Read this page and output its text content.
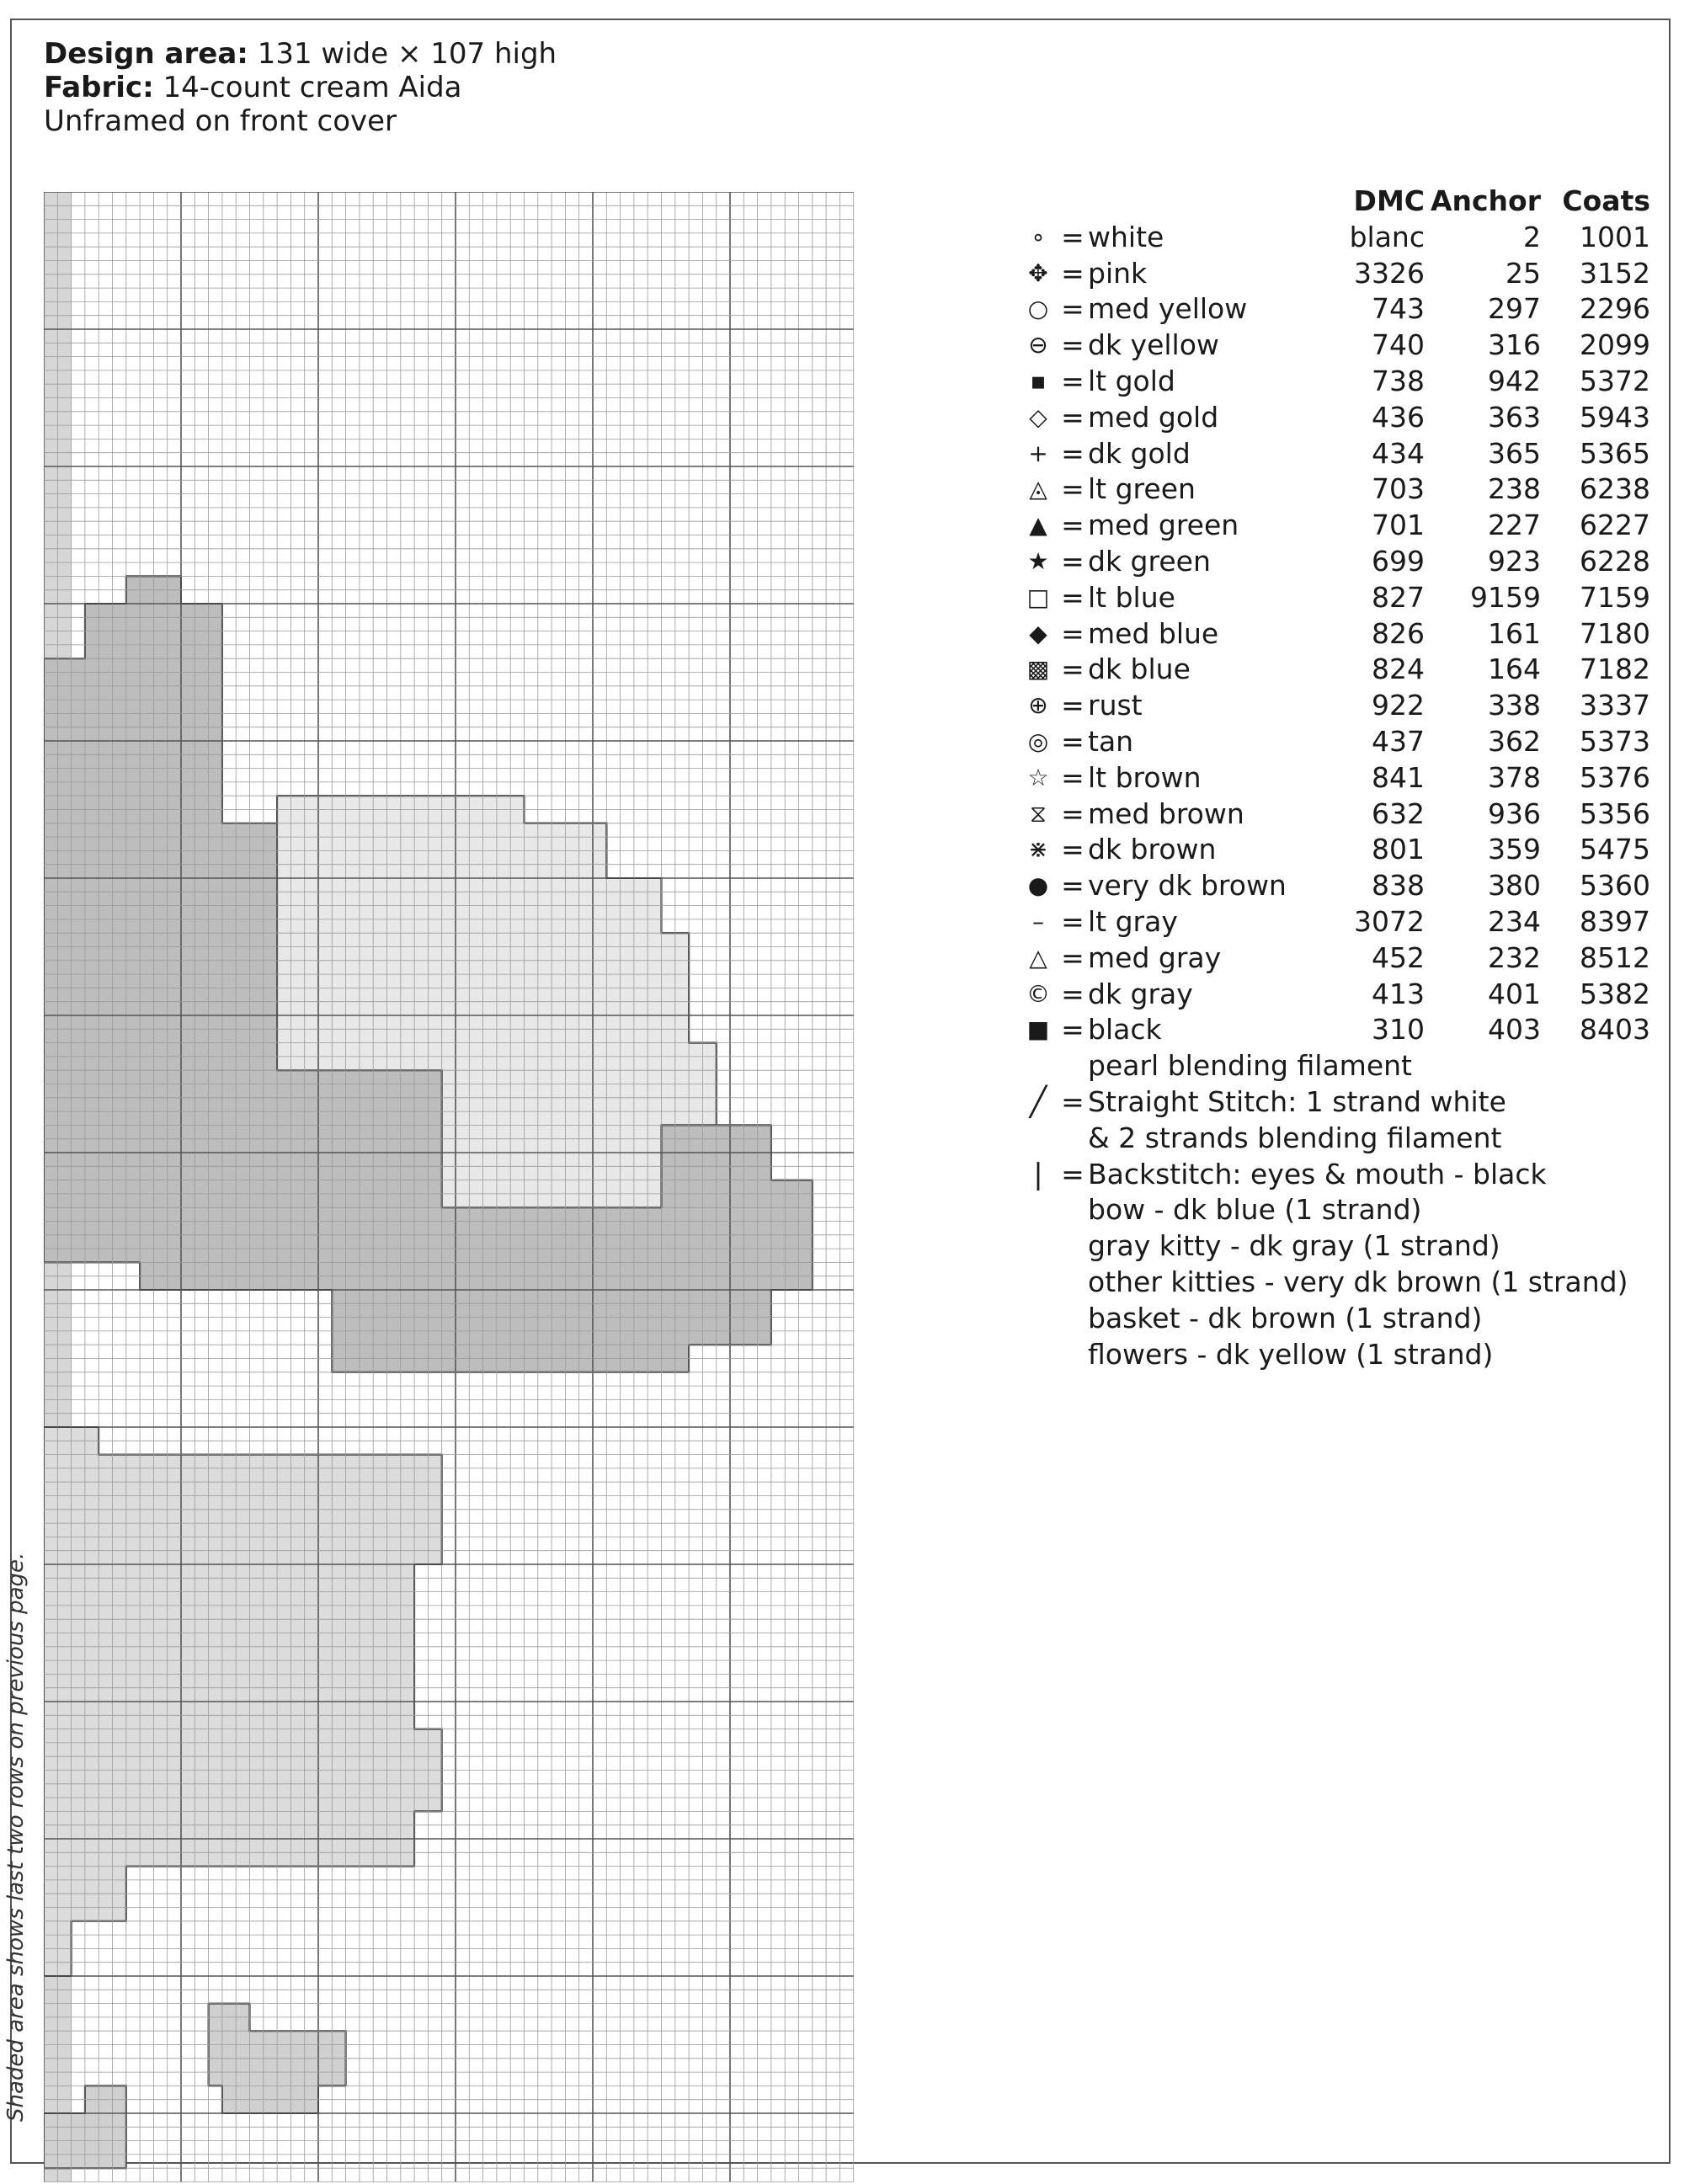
Design area: 131 wide × 107 high
Fabric: 14-count cream Aida
Unframed on front cover
Shaded area shows last two rows on previous page.
DMC Anchor Coats
∘ = white	blanc	2	1001
✥ = pink	3326	25	3152
○ = med yellow	743	297	2296
⊖ = dk yellow	740	316	2099
▪ = lt gold	738	942	5372
◇ = med gold	436	363	5943
+ = dk gold	434	365	5365
◬ = lt green	703	238	6238
▲ = med green	701	227	6227
★ = dk green	699	923	6228
□ = lt blue	827	9159	7159
◆ = med blue	826	161	7180
▩ = dk blue	824	164	7182
⊕ = rust	922	338	3337
◎ = tan	437	362	5373
☆ = lt brown	841	378	5376
⧖ = med brown	632	936	5356
⋇ = dk brown	801	359	5475
● = very dk brown	838	380	5360
– = lt gray	3072	234	8397
△ = med gray	452	232	8512
© = dk gray	413	401	5382
■ = black	310	403	8403
pearl blending filament
╱ = Straight Stitch: 1 strand white
& 2 strands blending filament
| = Backstitch: eyes & mouth - black
bow - dk blue (1 strand)
gray kitty - dk gray (1 strand)
other kitties - very dk brown (1 strand)
basket - dk brown (1 strand)
flowers - dk yellow (1 strand)
